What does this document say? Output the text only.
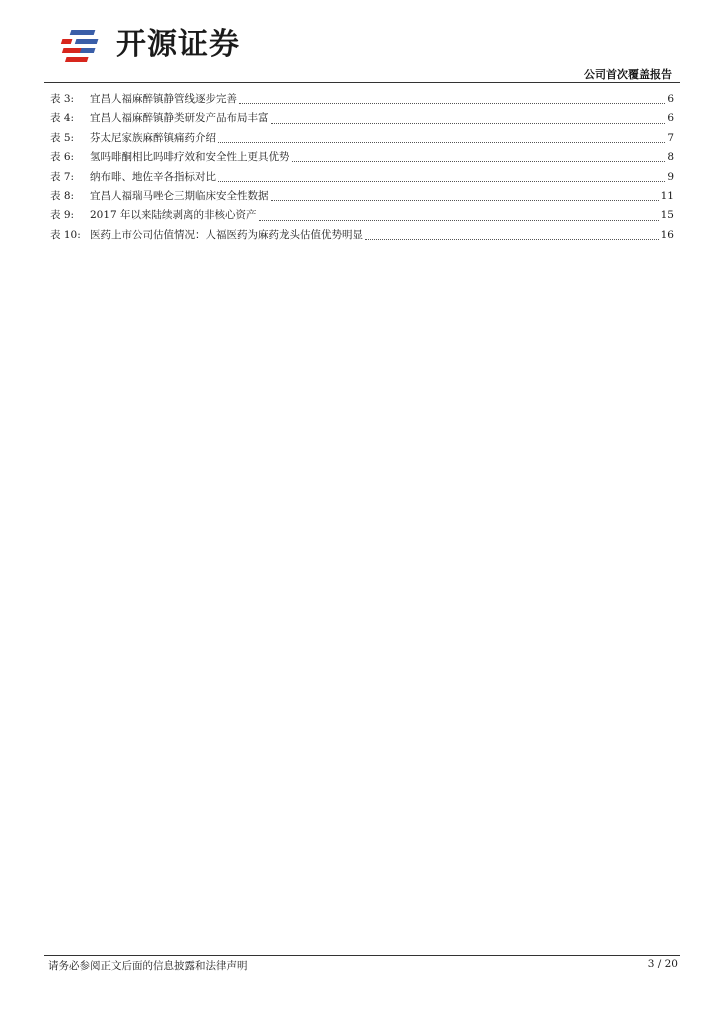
开源证券
公司首次覆盖报告
表 3:	宜昌人福麻醉镇静管线逐步完善	6
表 4:	宜昌人福麻醉镇静类研发产品布局丰富	6
表 5:	芬太尼家族麻醉镇痛药介绍	7
表 6:	氢吗啡酮相比吗啡疗效和安全性上更具优势	8
表 7:	纳布啡、地佐辛各指标对比	9
表 8:	宜昌人福瑞马唑仑三期临床安全性数据	11
表 9:	2017 年以来陆续剥离的非核心资产	15
表 10: 医药上市公司估值情况：人福医药为麻药龙头估值优势明显	16
请务必参阅正文后面的信息披露和法律声明	3 / 20
